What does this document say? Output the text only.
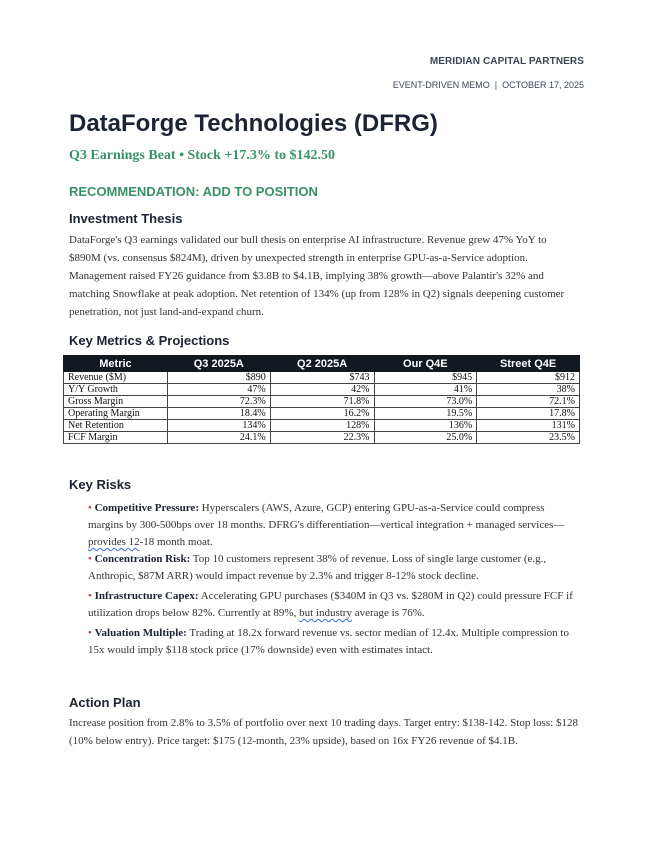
MERIDIAN CAPITAL PARTNERS
EVENT-DRIVEN MEMO | OCTOBER 17, 2025
DataForge Technologies (DFRG)
Q3 Earnings Beat • Stock +17.3% to $142.50
RECOMMENDATION: ADD TO POSITION
Investment Thesis
DataForge's Q3 earnings validated our bull thesis on enterprise AI infrastructure. Revenue grew 47% YoY to $890M (vs. consensus $824M), driven by unexpected strength in enterprise GPU-as-a-Service adoption. Management raised FY26 guidance from $3.8B to $4.1B, implying 38% growth—above Palantir's 32% and matching Snowflake at peak adoption. Net retention of 134% (up from 128% in Q2) signals deepening customer penetration, not just land-and-expand churn.
Key Metrics & Projections
Metric	Q3 2025A	Q2 2025A	Our Q4E	Street Q4E
Revenue ($M)	$890	$743	$945	$912
Y/Y Growth	47%	42%	41%	38%
Gross Margin	72.3%	71.8%	73.0%	72.1%
Operating Margin	18.4%	16.2%	19.5%	17.8%
Net Retention	134%	128%	136%	131%
FCF Margin	24.1%	22.3%	25.0%	23.5%
Key Risks
• Competitive Pressure: Hyperscalers (AWS, Azure, GCP) entering GPU-as-a-Service could compress margins by 300-500bps over 18 months. DFRG's differentiation—vertical integration + managed services—provides 12-18 month moat.
• Concentration Risk: Top 10 customers represent 38% of revenue. Loss of single large customer (e.g., Anthropic, $87M ARR) would impact revenue by 2.3% and trigger 8-12% stock decline.
• Infrastructure Capex: Accelerating GPU purchases ($340M in Q3 vs. $280M in Q2) could pressure FCF if utilization drops below 82%. Currently at 89%, but industry average is 76%.
• Valuation Multiple: Trading at 18.2x forward revenue vs. sector median of 12.4x. Multiple compression to 15x would imply $118 stock price (17% downside) even with estimates intact.
Action Plan
Increase position from 2.8% to 3.5% of portfolio over next 10 trading days. Target entry: $138-142. Stop loss: $128 (10% below entry). Price target: $175 (12-month, 23% upside), based on 16x FY26 revenue of $4.1B.
